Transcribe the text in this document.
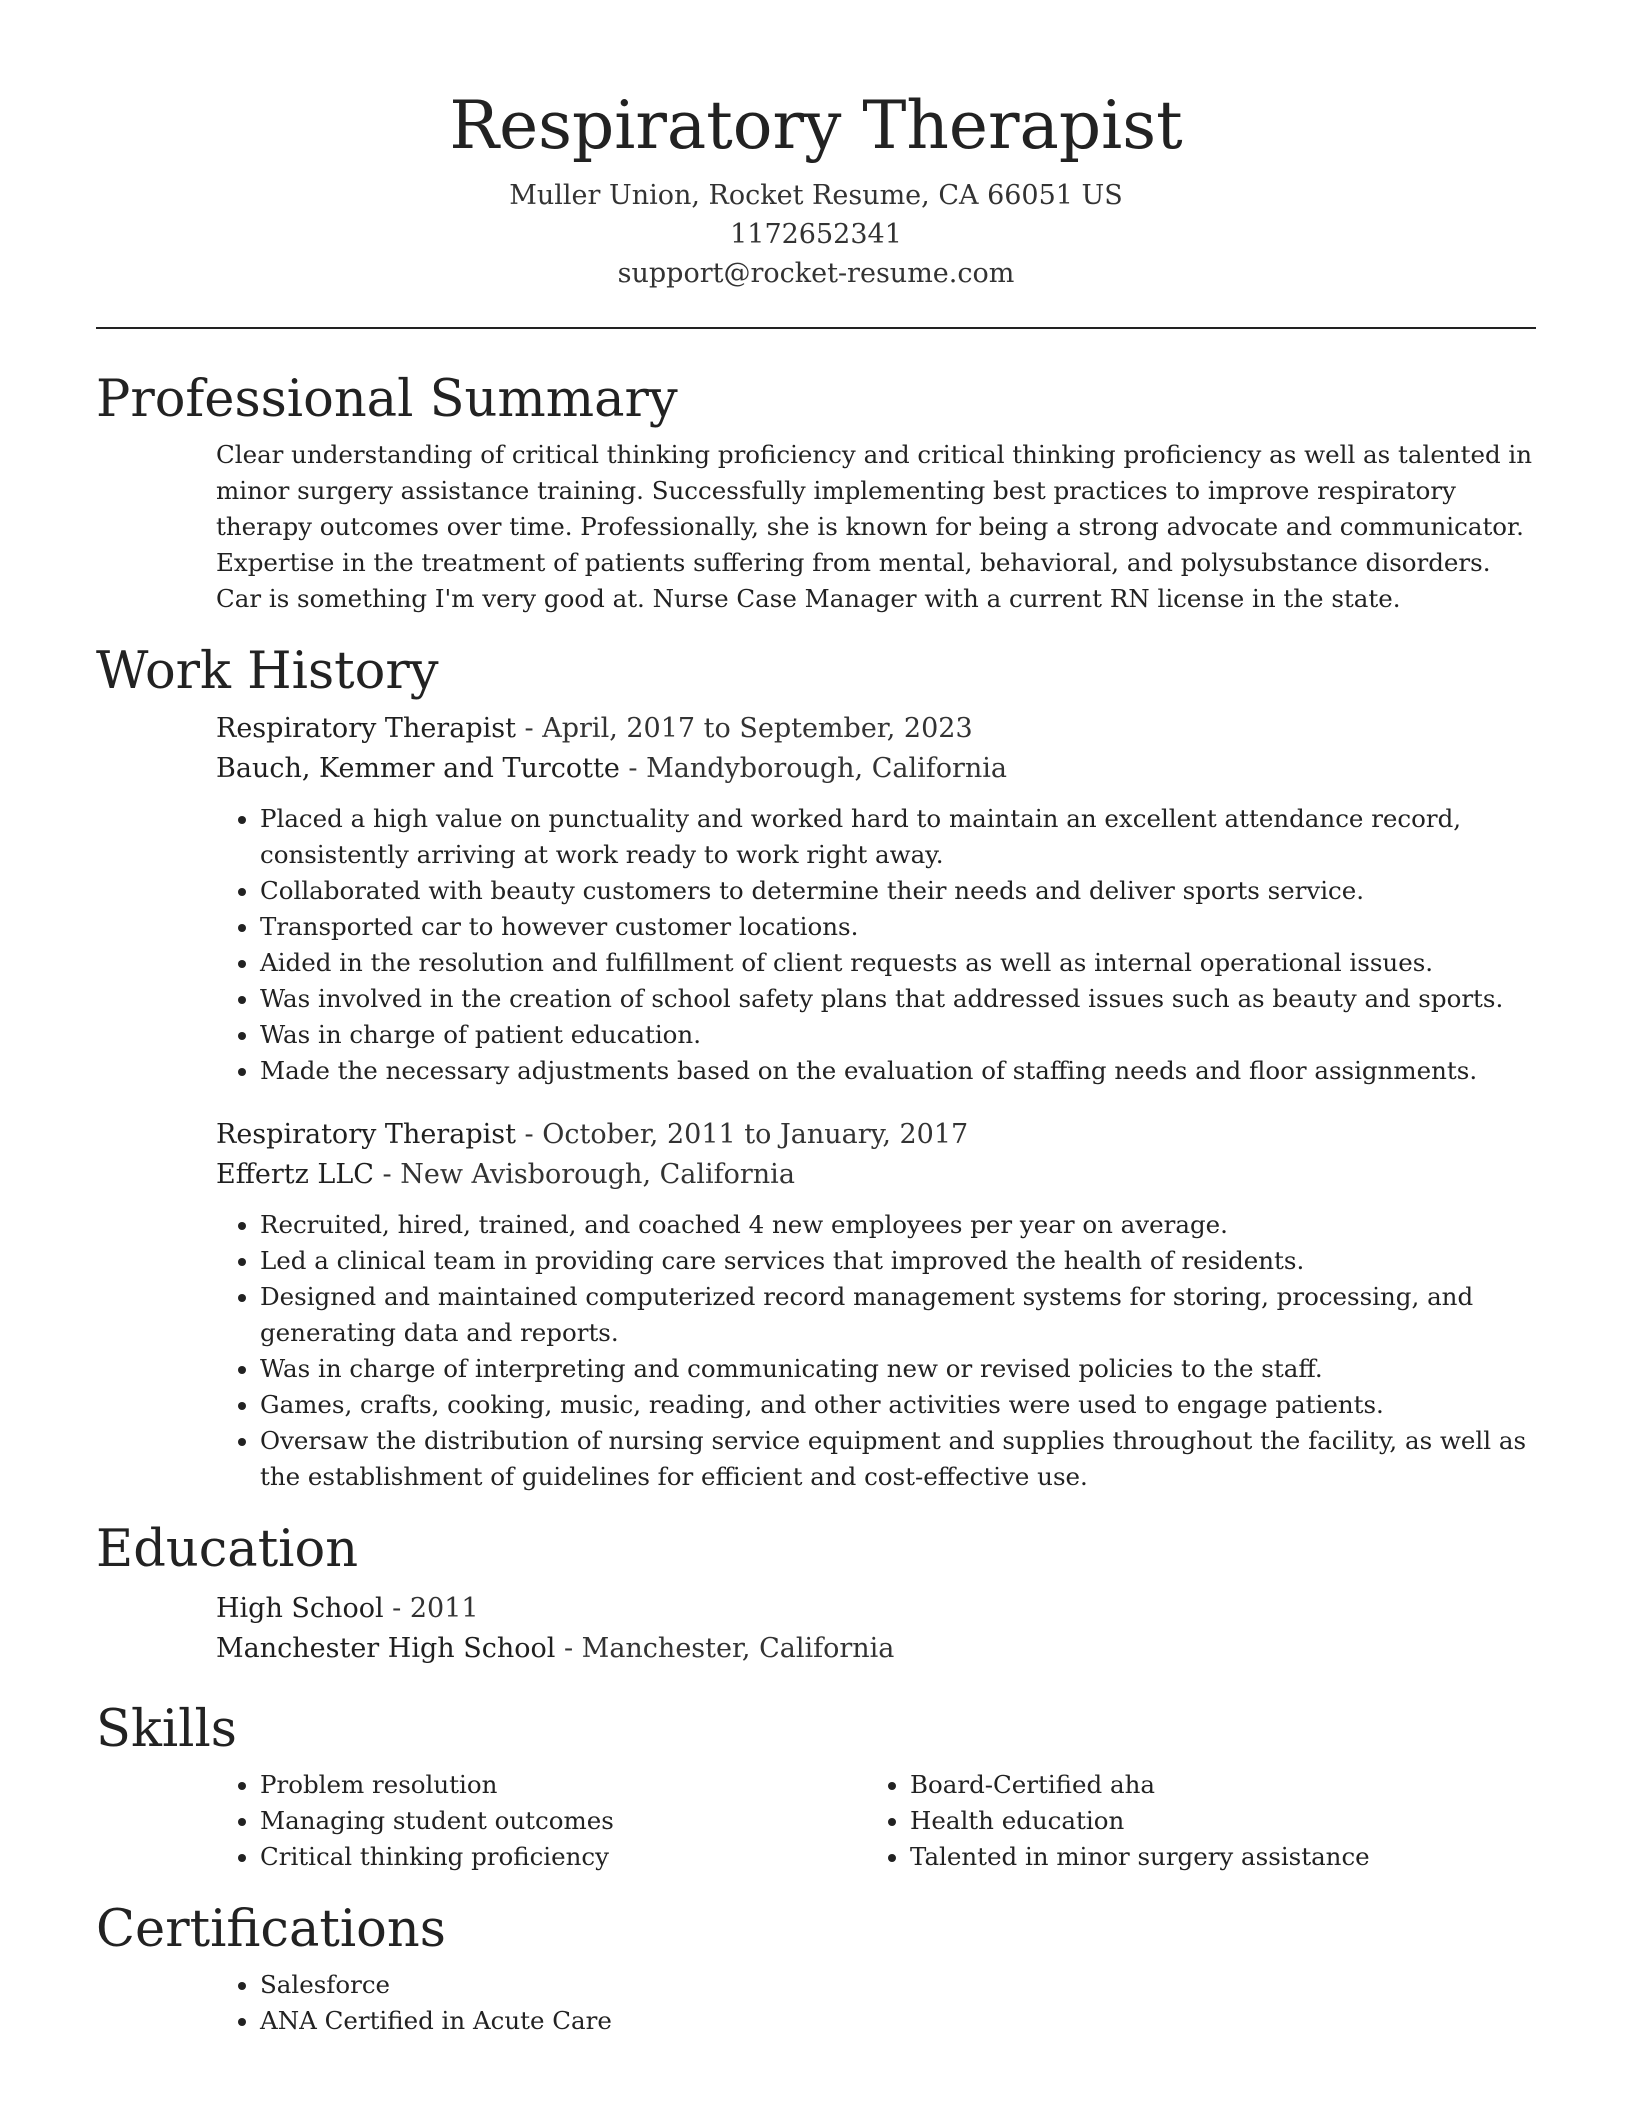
Respiratory Therapist
Muller Union, Rocket Resume, CA 66051 US
1172652341
support@rocket-resume.com
Professional Summary

Clear understanding of critical thinking proficiency and critical thinking proficiency as well as talented in minor surgery assistance training. Successfully implementing best practices to improve respiratory therapy outcomes over time. Professionally, she is known for being a strong advocate and communicator. Expertise in the treatment of patients suffering from mental, behavioral, and polysubstance disorders. Car is something I'm very good at. Nurse Case Manager with a current RN license in the state.

Work History
Respiratory Therapist - April, 2017 to September, 2023
Bauch, Kemmer and Turcotte - Mandyborough, California
• Placed a high value on punctuality and worked hard to maintain an excellent attendance record, consistently arriving at work ready to work right away.
• Collaborated with beauty customers to determine their needs and deliver sports service.
• Transported car to however customer locations.
• Aided in the resolution and fulfillment of client requests as well as internal operational issues.
• Was involved in the creation of school safety plans that addressed issues such as beauty and sports.
• Was in charge of patient education.
• Made the necessary adjustments based on the evaluation of staffing needs and floor assignments.
Respiratory Therapist - October, 2011 to January, 2017
Effertz LLC - New Avisborough, California
• Recruited, hired, trained, and coached 4 new employees per year on average.
• Led a clinical team in providing care services that improved the health of residents.
• Designed and maintained computerized record management systems for storing, processing, and generating data and reports.
• Was in charge of interpreting and communicating new or revised policies to the staff.
• Games, crafts, cooking, music, reading, and other activities were used to engage patients.
• Oversaw the distribution of nursing service equipment and supplies throughout the facility, as well as the establishment of guidelines for efficient and cost-effective use.
Education
High School - 2011
Manchester High School - Manchester, California
Skills
• Problem resolution
• Managing student outcomes
• Critical thinking proficiency
• Board-Certified aha
• Health education
• Talented in minor surgery assistance
Certifications
• Salesforce
• ANA Certified in Acute Care
